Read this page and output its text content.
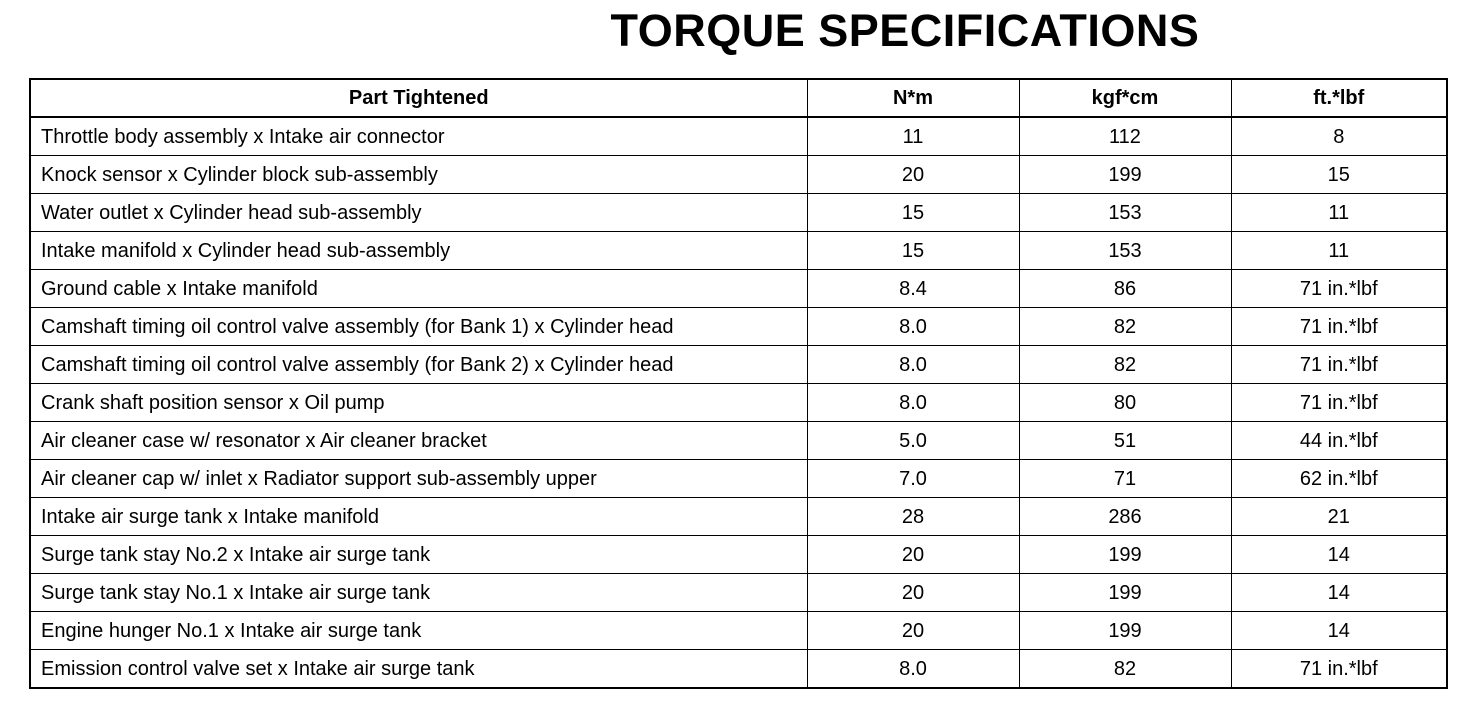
TORQUE SPECIFICATIONS
Part Tightened	N*m	kgf*cm	ft.*lbf
Throttle body assembly x Intake air connector	11	112	8
Knock sensor x Cylinder block sub-assembly	20	199	15
Water outlet x Cylinder head sub-assembly	15	153	11
Intake manifold x Cylinder head sub-assembly	15	153	11
Ground cable x Intake manifold	8.4	86	71 in.*lbf
Camshaft timing oil control valve assembly (for Bank 1) x Cylinder head	8.0	82	71 in.*lbf
Camshaft timing oil control valve assembly (for Bank 2) x Cylinder head	8.0	82	71 in.*lbf
Crank shaft position sensor x Oil pump	8.0	80	71 in.*lbf
Air cleaner case w/ resonator x Air cleaner bracket	5.0	51	44 in.*lbf
Air cleaner cap w/ inlet x Radiator support sub-assembly upper	7.0	71	62 in.*lbf
Intake air surge tank x Intake manifold	28	286	21
Surge tank stay No.2 x Intake air surge tank	20	199	14
Surge tank stay No.1 x Intake air surge tank	20	199	14
Engine hunger No.1 x Intake air surge tank	20	199	14
Emission control valve set x Intake air surge tank	8.0	82	71 in.*lbf
